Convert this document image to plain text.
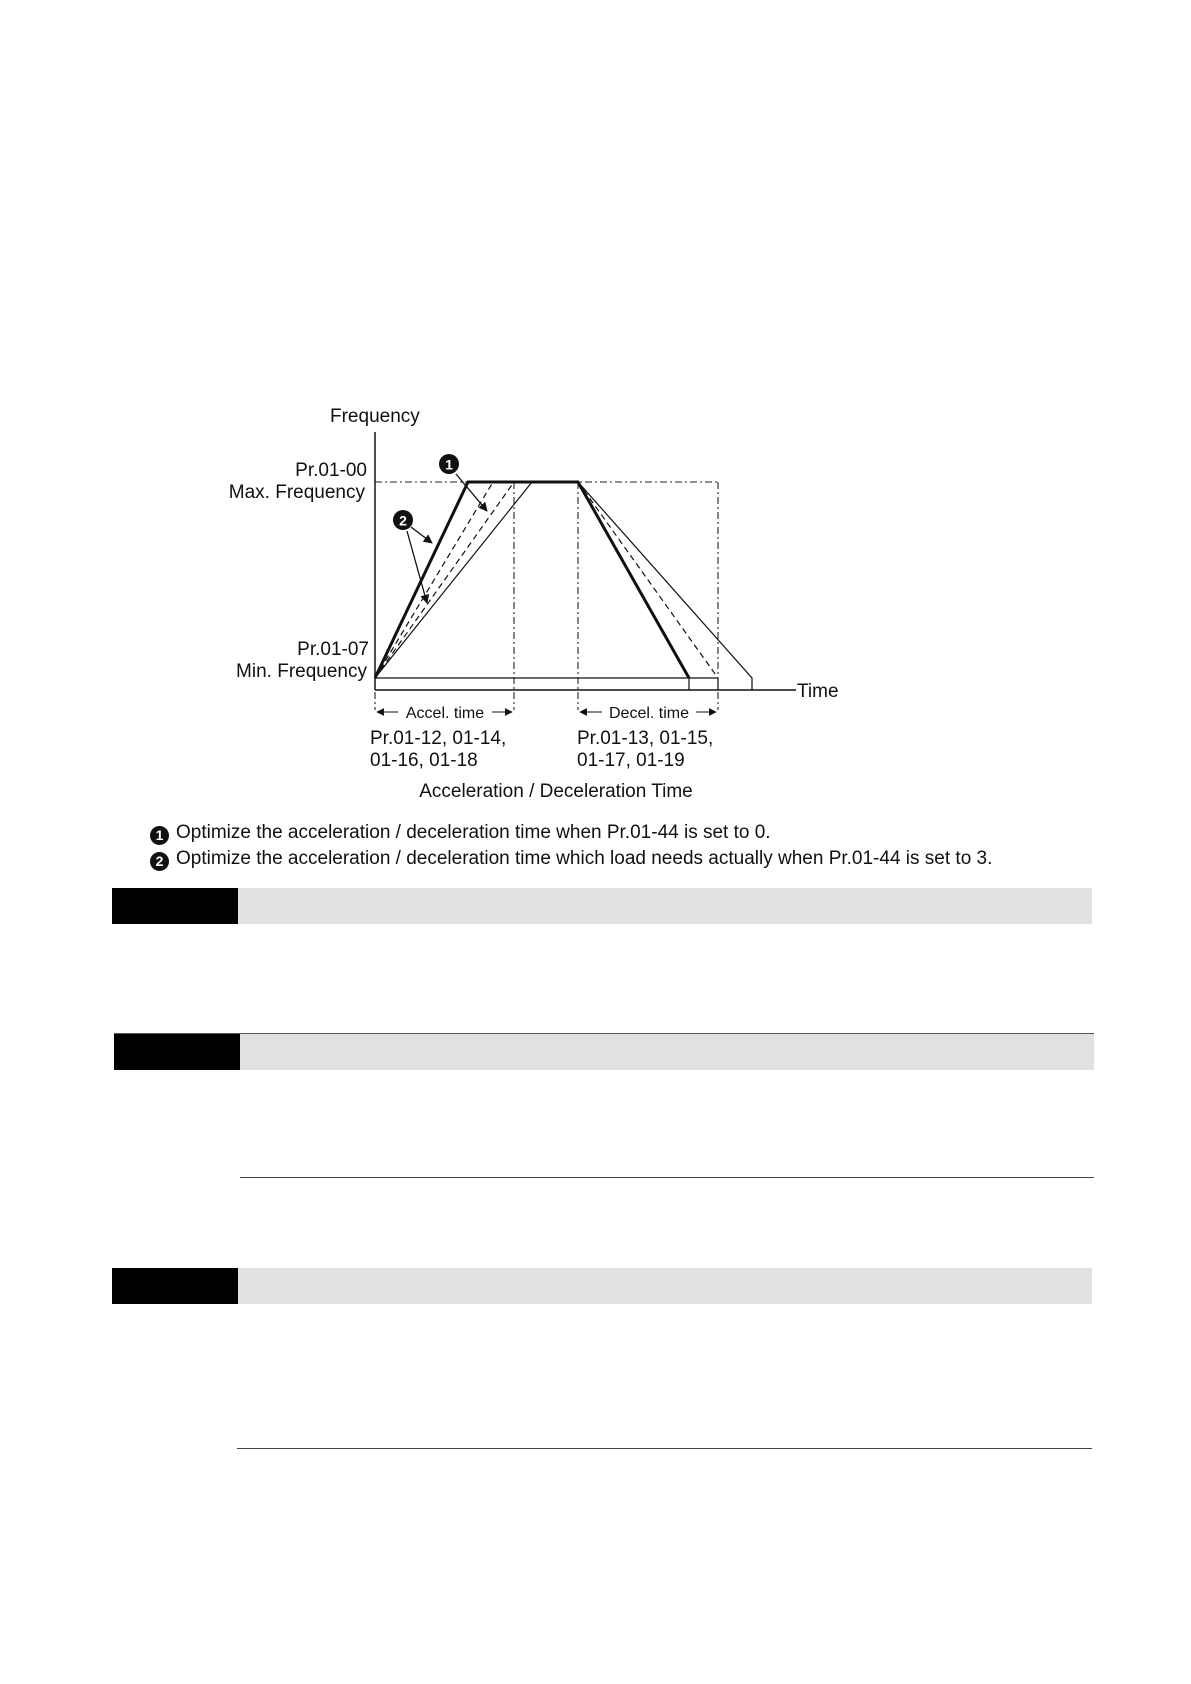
1
2
Frequency
Pr.01-00
Max. Frequency
Pr.01-07
Min. Frequency
Time
Accel. time	Decel. time
Pr.01-12, 01-14,
01-16, 01-18
Pr.01-13, 01-15,
01-17, 01-19
Acceleration / Deceleration Time
1 Optimize the acceleration / deceleration time when Pr.01-44 is set to 0.
2 Optimize the acceleration / deceleration time which load needs actually when Pr.01-44 is set to 3.
